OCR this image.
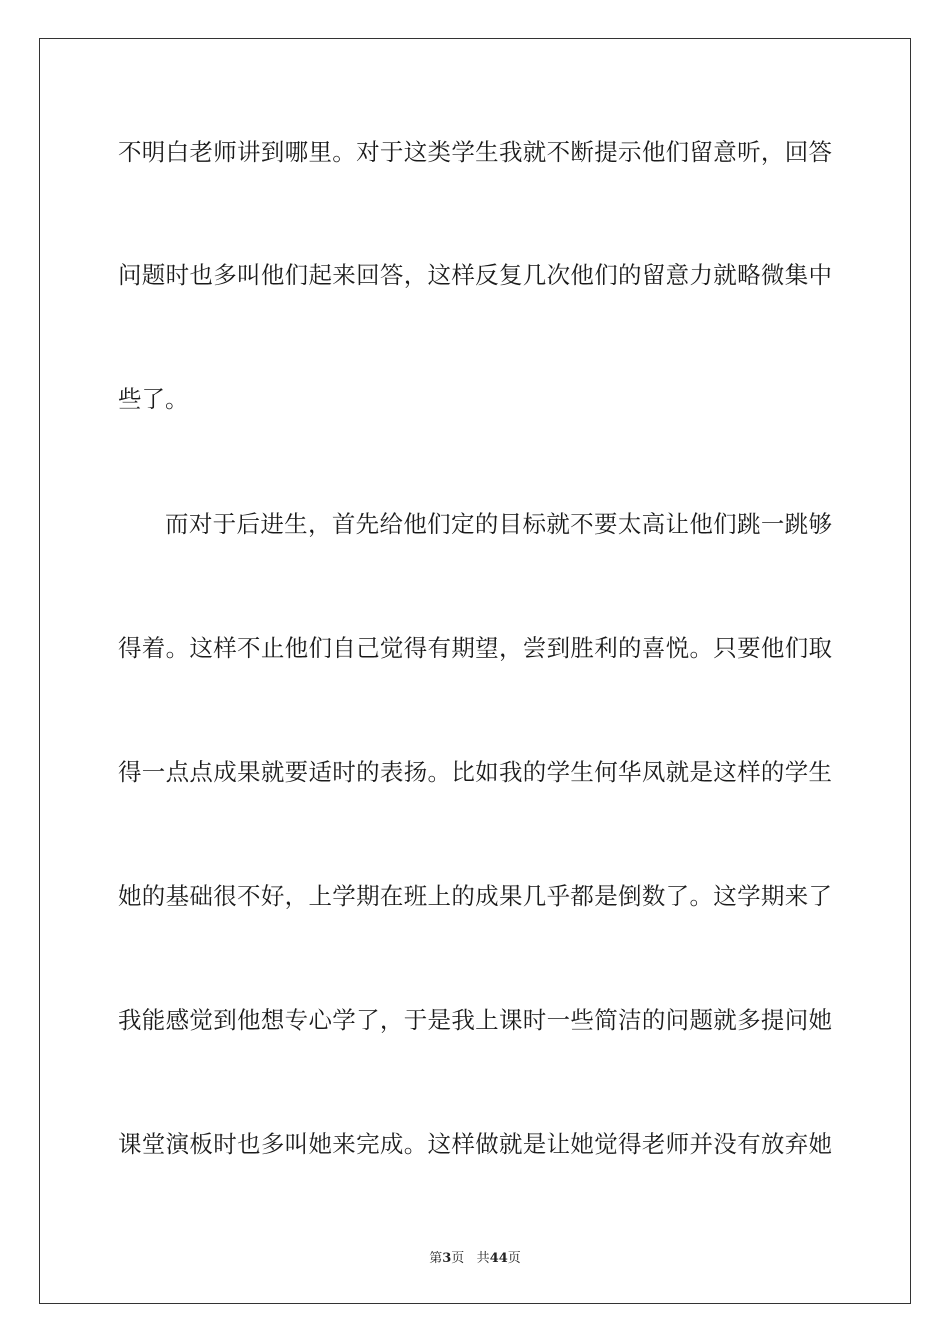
不明白老师讲到哪里。对于这类学生我就不断提示他们留意听，回答
问题时也多叫他们起来回答，这样反复几次他们的留意力就略微集中
些了。
而对于后进生，首先给他们定的目标就不要太高让他们跳一跳够
得着。这样不止他们自己觉得有期望，尝到胜利的喜悦。只要他们取
得一点点成果就要适时的表扬。比如我的学生何华凤就是这样的学生
她的基础很不好，上学期在班上的成果几乎都是倒数了。这学期来了
我能感觉到他想专心学了，于是我上课时一些简洁的问题就多提问她
课堂演板时也多叫她来完成。这样做就是让她觉得老师并没有放弃她
第3页 共44页
